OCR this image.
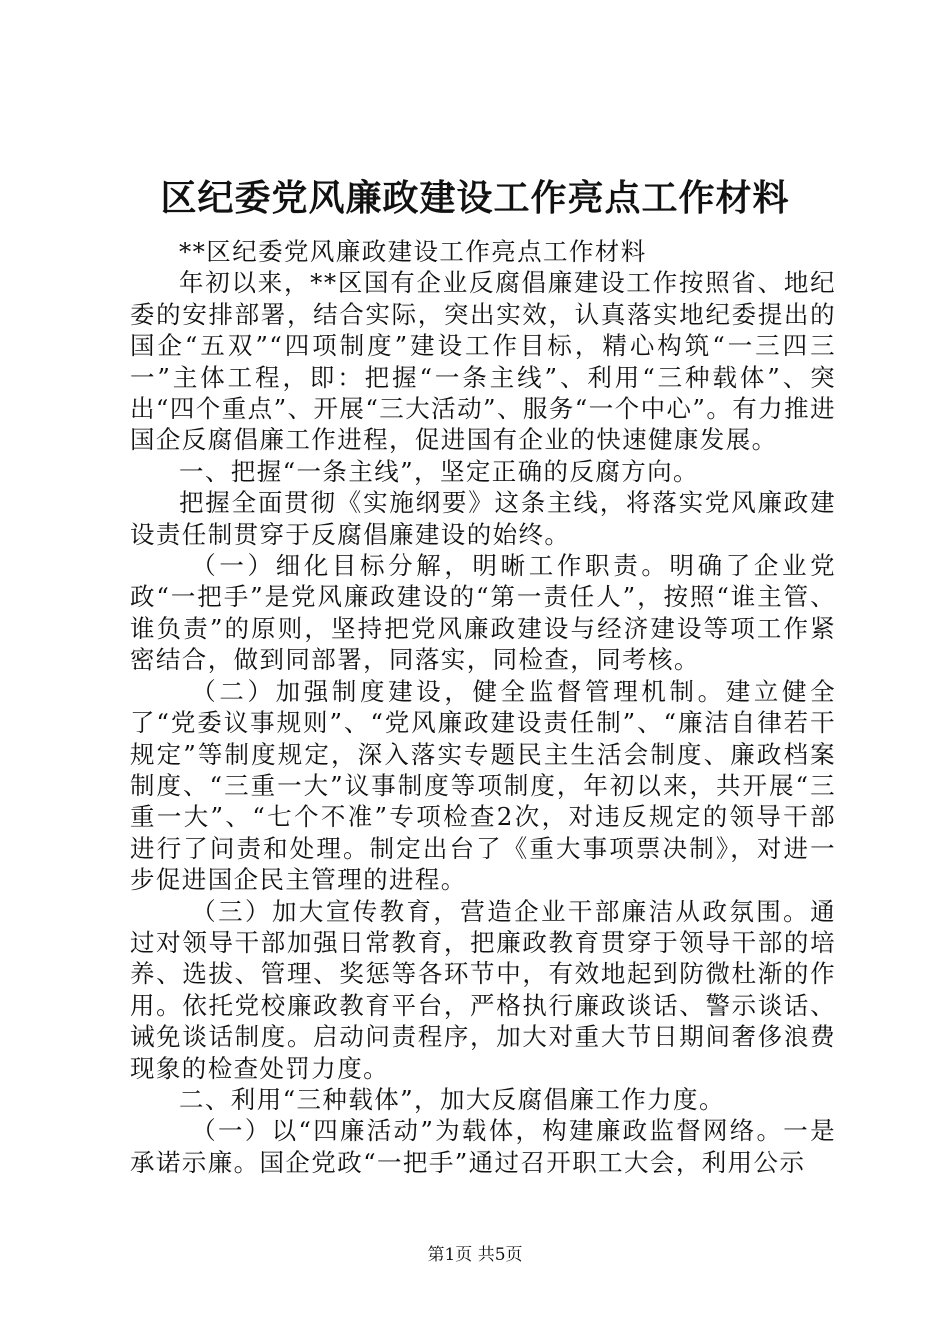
区纪委党风廉政建设工作亮点工作材料

**区纪委党风廉政建设工作亮点工作材料

年初以来，**区国有企业反腐倡廉建设工作按照省、地纪委的安排部署，结合实际，突出实效，认真落实地纪委提出的国企“五双”“四项制度”建设工作目标，精心构筑“一三四三一”主体工程，即：把握“一条主线”、利用“三种载体”、突出“四个重点”、开展“三大活动”、服务“一个中心”。有力推进国企反腐倡廉工作进程，促进国有企业的快速健康发展。

一、把握“一条主线”，坚定正确的反腐方向。

把握全面贯彻《实施纲要》这条主线，将落实党风廉政建设责任制贯穿于反腐倡廉建设的始终。

（一）细化目标分解，明晰工作职责。明确了企业党政“一把手”是党风廉政建设的“第一责任人”，按照“谁主管、谁负责”的原则，坚持把党风廉政建设与经济建设等项工作紧密结合，做到同部署，同落实，同检查，同考核。

（二）加强制度建设，健全监督管理机制。建立健全了“党委议事规则”、“党风廉政建设责任制”、“廉洁自律若干规定”等制度规定，深入落实专题民主生活会制度、廉政档案制度、“三重一大”议事制度等项制度，年初以来，共开展“三重一大”、“七个不准”专项检查2次，对违反规定的领导干部进行了问责和处理。制定出台了《重大事项票决制》，对进一步促进国企民主管理的进程。

（三）加大宣传教育，营造企业干部廉洁从政氛围。通过对领导干部加强日常教育，把廉政教育贯穿于领导干部的培养、选拔、管理、奖惩等各环节中，有效地起到防微杜渐的作用。依托党校廉政教育平台，严格执行廉政谈话、警示谈话、诫免谈话制度。启动问责程序，加大对重大节日期间奢侈浪费现象的检查处罚力度。

二、利用“三种载体”，加大反腐倡廉工作力度。

（一）以“四廉活动”为载体，构建廉政监督网络。一是承诺示廉。国企党政“一把手”通过召开职工大会，利用公示

第1页 共5页
